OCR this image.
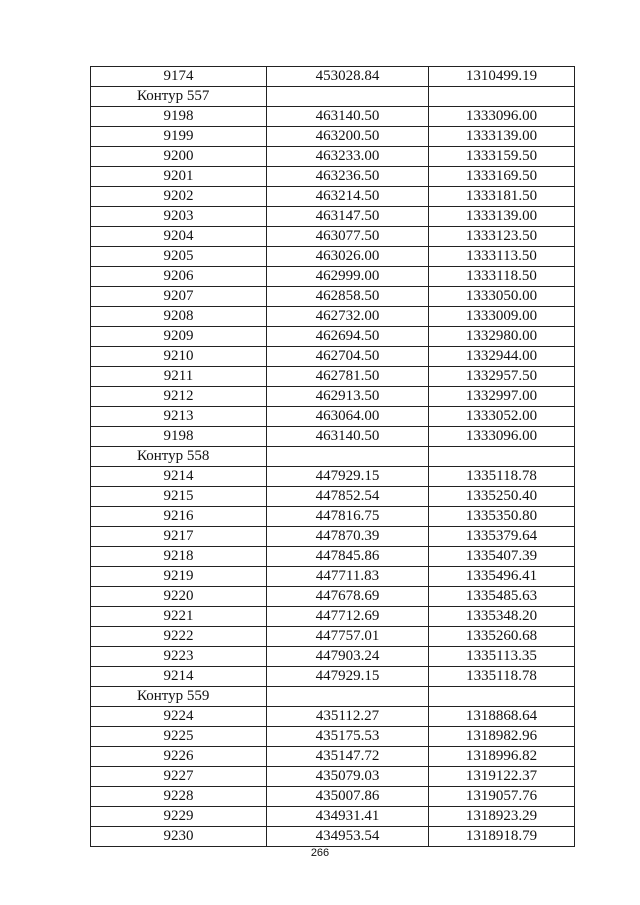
9174	453028.84	1310499.19
Контур 557		
9198	463140.50	1333096.00
9199	463200.50	1333139.00
9200	463233.00	1333159.50
9201	463236.50	1333169.50
9202	463214.50	1333181.50
9203	463147.50	1333139.00
9204	463077.50	1333123.50
9205	463026.00	1333113.50
9206	462999.00	1333118.50
9207	462858.50	1333050.00
9208	462732.00	1333009.00
9209	462694.50	1332980.00
9210	462704.50	1332944.00
9211	462781.50	1332957.50
9212	462913.50	1332997.00
9213	463064.00	1333052.00
9198	463140.50	1333096.00
Контур 558		
9214	447929.15	1335118.78
9215	447852.54	1335250.40
9216	447816.75	1335350.80
9217	447870.39	1335379.64
9218	447845.86	1335407.39
9219	447711.83	1335496.41
9220	447678.69	1335485.63
9221	447712.69	1335348.20
9222	447757.01	1335260.68
9223	447903.24	1335113.35
9214	447929.15	1335118.78
Контур 559		
9224	435112.27	1318868.64
9225	435175.53	1318982.96
9226	435147.72	1318996.82
9227	435079.03	1319122.37
9228	435007.86	1319057.76
9229	434931.41	1318923.29
9230	434953.54	1318918.79
266
